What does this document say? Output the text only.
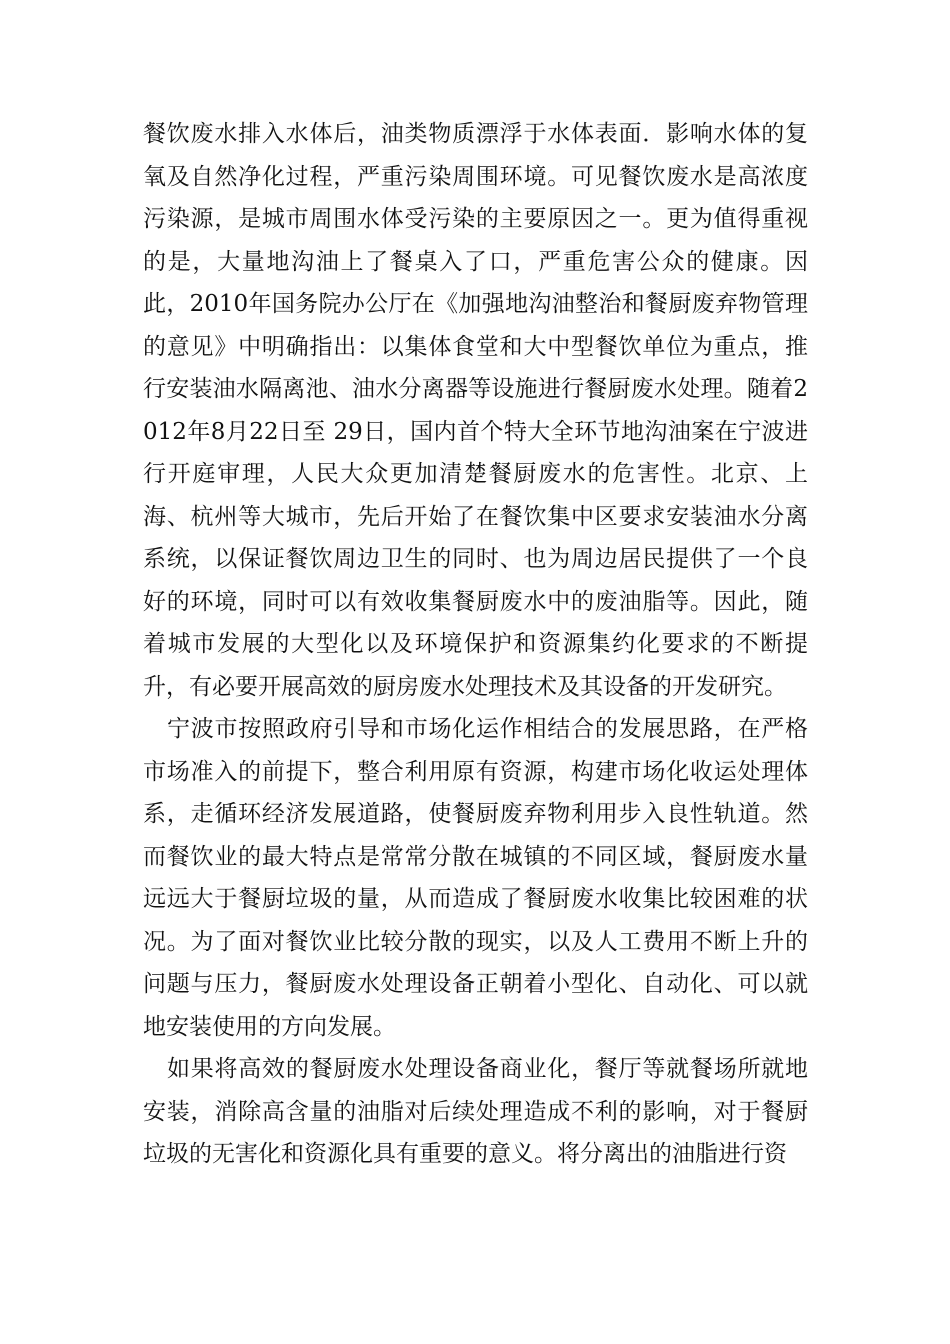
餐饮废水排入水体后，油类物质漂浮于水体表面．影响水体的复氧及自然净化过程，严重污染周围环境。可见餐饮废水是高浓度污染源，是城市周围水体受污染的主要原因之一。更为值得重视的是，大量地沟油上了餐桌入了口，严重危害公众的健康。因此，2010年国务院办公厅在《加强地沟油整治和餐厨废弃物管理的意见》中明确指出：以集体食堂和大中型餐饮单位为重点，推行安装油水隔离池、油水分离器等设施进行餐厨废水处理。随着2012年8月22日至 29日，国内首个特大全环节地沟油案在宁波进行开庭审理，人民大众更加清楚餐厨废水的危害性。北京、上海、杭州等大城市，先后开始了在餐饮集中区要求安装油水分离系统，以保证餐饮周边卫生的同时、也为周边居民提供了一个良好的环境，同时可以有效收集餐厨废水中的废油脂等。因此，随着城市发展的大型化以及环境保护和资源集约化要求的不断提升，有必要开展高效的厨房废水处理技术及其设备的开发研究。

宁波市按照政府引导和市场化运作相结合的发展思路，在严格市场准入的前提下，整合利用原有资源，构建市场化收运处理体系，走循环经济发展道路，使餐厨废弃物利用步入良性轨道。然而餐饮业的最大特点是常常分散在城镇的不同区域，餐厨废水量远远大于餐厨垃圾的量，从而造成了餐厨废水收集比较困难的状况。为了面对餐饮业比较分散的现实，以及人工费用不断上升的问题与压力，餐厨废水处理设备正朝着小型化、自动化、可以就地安装使用的方向发展。

如果将高效的餐厨废水处理设备商业化，餐厅等就餐场所就地安装，消除高含量的油脂对后续处理造成不利的影响，对于餐厨垃圾的无害化和资源化具有重要的意义。将分离出的油脂进行资
